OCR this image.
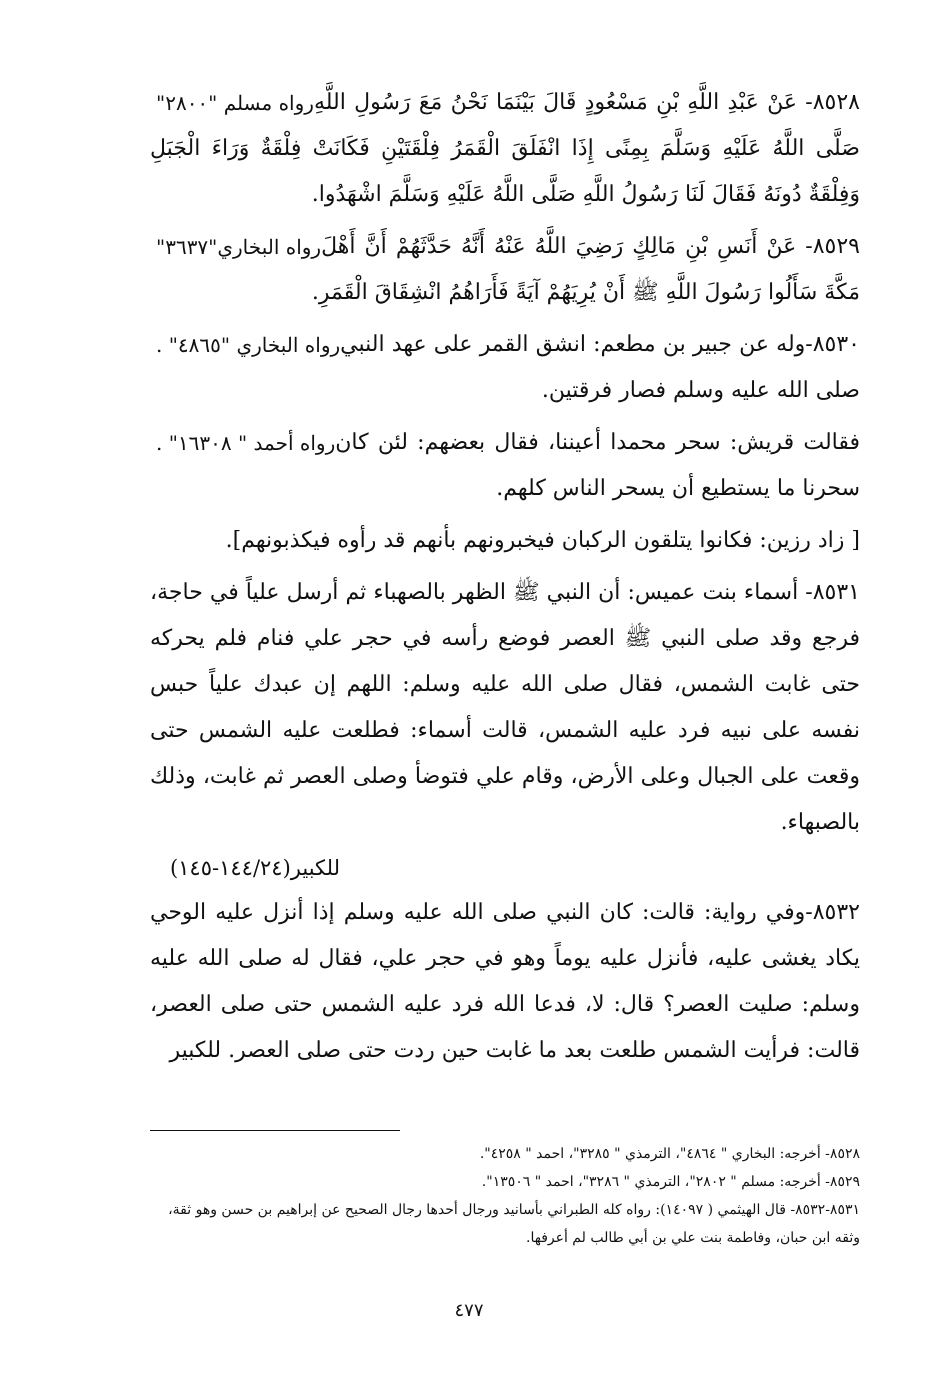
رواه مسلم "٢٨٠٠" ٨٥٢٨- عَنْ عَبْدِ اللَّهِ بْنِ مَسْعُودٍ قَالَ بَيْنَمَا نَحْنُ مَعَ رَسُولِ اللَّهِ صَلَّى اللَّهُ عَلَيْهِ وَسَلَّمَ بِمِنًى إِذَا انْفَلَقَ الْقَمَرُ فِلْقَتَيْنِ فَكَانَتْ فِلْقَةٌ وَرَاءَ الْجَبَلِ وَفِلْقَةٌ دُونَهُ فَقَالَ لَنَا رَسُولُ اللَّهِ صَلَّى اللَّهُ عَلَيْهِ وَسَلَّمَ اشْهَدُوا.

رواه البخاري"٣٦٣٧" ٨٥٢٩- عَنْ أَنَسِ بْنِ مَالِكٍ رَضِيَ اللَّهُ عَنْهُ أَنَّهُ حَدَّثَهُمْ أَنَّ أَهْلَ مَكَّةَ سَأَلُوا رَسُولَ اللَّهِ ﷺ أَنْ يُرِيَهُمْ آيَةً فَأَرَاهُمُ انْشِقَاقَ الْقَمَرِ.

رواه البخاري "٤٨٦٥" . ٨٥٣٠-وله عن جبير بن مطعم: انشق القمر على عهد النبي صلى الله عليه وسلم فصار فرقتين.

رواه أحمد " ١٦٣٠٨" . فقالت قريش: سحر محمدا أعيننا، فقال بعضهم: لئن كان سحرنا ما يستطيع أن يسحر الناس كلهم.

[ زاد رزين: فكانوا يتلقون الركبان فيخبرونهم بأنهم قد رأوه فيكذبونهم].

٨٥٣١- أسماء بنت عميس: أن النبي ﷺ الظهر بالصهباء ثم أرسل علياً في حاجة، فرجع وقد صلى النبي ﷺ العصر فوضع رأسه في حجر علي فنام فلم يحركه حتى غابت الشمس، فقال صلى الله عليه وسلم: اللهم إن عبدك علياً حبس نفسه على نبيه فرد عليه الشمس، قالت أسماء: فطلعت عليه الشمس حتى وقعت على الجبال وعلى الأرض، وقام علي فتوضأ وصلى العصر ثم غابت، وذلك بالصبهاء.

للكبير(١٤٤/٢٤-١٤٥)

٨٥٣٢-وفي رواية: قالت: كان النبي صلى الله عليه وسلم إذا أنزل عليه الوحي يكاد يغشى عليه، فأنزل عليه يوماً وهو في حجر علي، فقال له صلى الله عليه وسلم: صليت العصر؟ قال: لا، فدعا الله فرد عليه الشمس حتى صلى العصر، قالت: فرأيت الشمس طلعت بعد ما غابت حين ردت حتى صلى العصر. للكبير

٨٥٢٨- أخرجه: البخاري " ٤٨٦٤"، الترمذي " ٣٢٨٥"، احمد " ٤٢٥٨".

٨٥٢٩- أخرجه: مسلم " ٢٨٠٢"، الترمذي " ٣٢٨٦"، احمد " ١٣٥٠٦".

٨٥٣١-٨٥٣٢- قال الهيثمي ( ١٤٠٩٧): رواه كله الطبراني بأسانيد ورجال أحدها رجال الصحيح عن إبراهيم بن حسن وهو ثقة، وثقه ابن حبان، وفاطمة بنت علي بن أبي طالب لم أعرفها.

٤٧٧
